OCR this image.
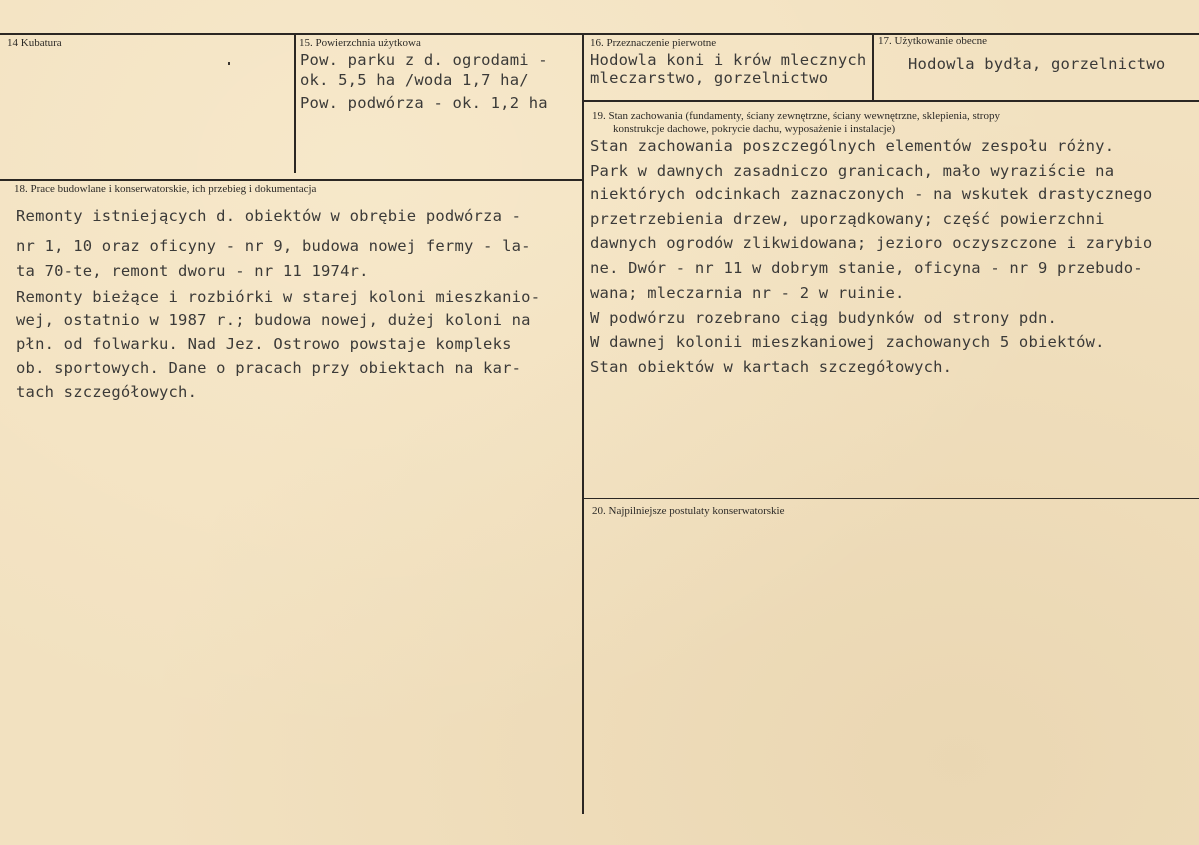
14 Kubatura	15. Powierzchnia użytkowa
Pow. parku z d. ogrodami -
ok. 5,5 ha /woda 1,7 ha/
Pow. podwórza - ok. 1,2 ha
16. Przeznaczenie pierwotne
Hodowla koni i krów mlecznych
mleczarstwo, gorzelnictwo
17. Użytkowanie obecne
Hodowla bydła, gorzelnictwo
18. Prace budowlane i konserwatorskie, ich przebieg i dokumentacja
Remonty istniejących d. obiektów w obrębie podwórza -
nr 1, 10 oraz oficyny - nr 9, budowa nowej fermy - la-
ta 70-te, remont dworu - nr 11 1974r.
Remonty bieżące i rozbiórki w starej koloni mieszkanio-
wej, ostatnio w 1987 r.; budowa nowej, dużej koloni na
płn. od folwarku. Nad Jez. Ostrowo powstaje kompleks
ob. sportowych. Dane o pracach przy obiektach na kar-
tach szczegółowych.
19. Stan zachowania (fundamenty, ściany zewnętrzne, ściany wewnętrzne, sklepienia, stropy
konstrukcje dachowe, pokrycie dachu, wyposażenie i instalacje)
Stan zachowania poszczególnych elementów zespołu różny.
Park w dawnych zasadniczo granicach, mało wyraziście na
niektórych odcinkach zaznaczonych - na wskutek drastycznego
przetrzebienia drzew, uporządkowany; część powierzchni
dawnych ogrodów zlikwidowana; jezioro oczyszczone i zarybio
ne. Dwór - nr 11 w dobrym stanie, oficyna - nr 9 przebudo-
wana; mleczarnia nr - 2 w ruinie.
W podwórzu rozebrano ciąg budynków od strony pdn.
W dawnej kolonii mieszkaniowej zachowanych 5 obiektów.
Stan obiektów w kartach szczegółowych.
20. Najpilniejsze postulaty konserwatorskie
